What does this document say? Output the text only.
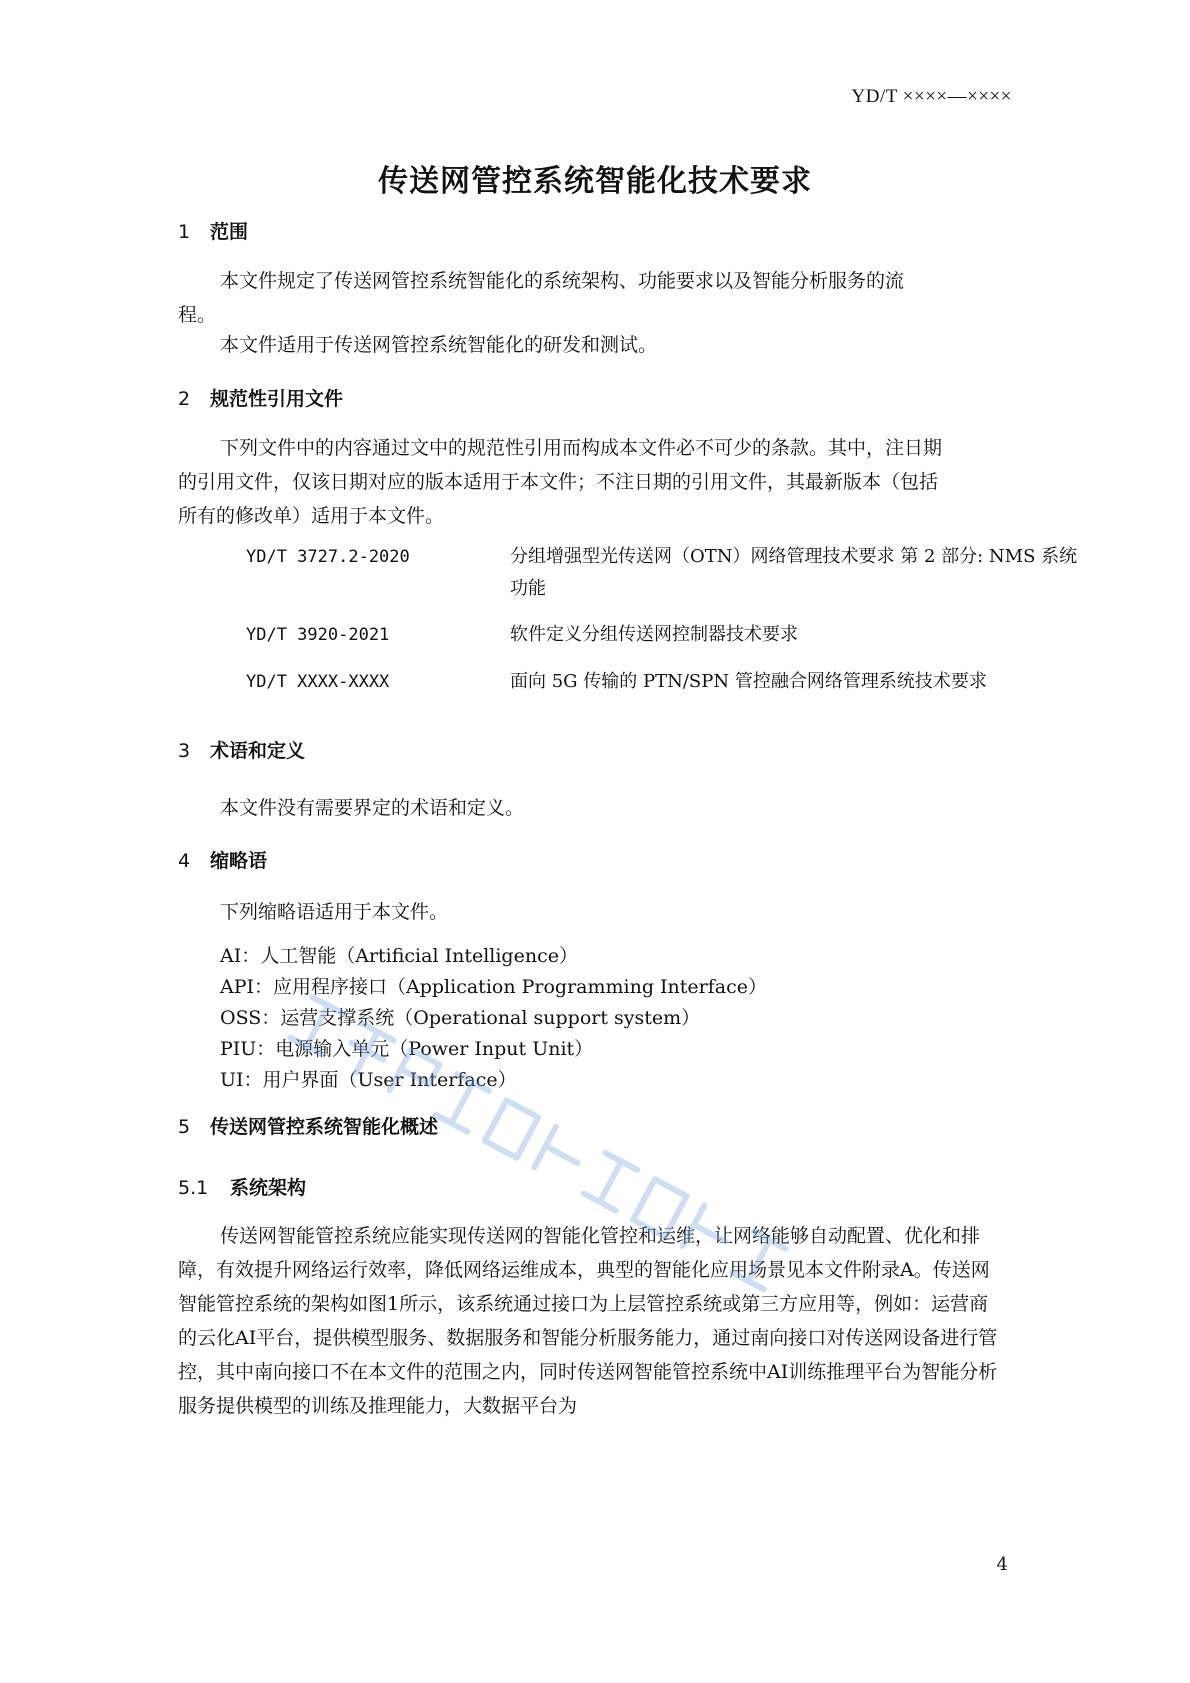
YD/T ××××—××××
传送网管控系统智能化技术要求
1 范围
本文件规定了传送网管控系统智能化的系统架构、功能要求以及智能分析服务的流程。
本文件适用于传送网管控系统智能化的研发和测试。
2 规范性引用文件
下列文件中的内容通过文中的规范性引用而构成本文件必不可少的条款。其中，注日期的引用文件，仅该日期对应的版本适用于本文件；不注日期的引用文件，其最新版本（包括所有的修改单）适用于本文件。
YD/T 3727.2-2020	分组增强型光传送网（OTN）网络管理技术要求 第 2 部分: NMS 系统功能
YD/T 3920-2021	软件定义分组传送网控制器技术要求
YD/T XXXX-XXXX	面向 5G 传输的 PTN/SPN 管控融合网络管理系统技术要求
3 术语和定义
本文件没有需要界定的术语和定义。
4 缩略语
下列缩略语适用于本文件。
AI：人工智能（Artificial Intelligence）
API：应用程序接口（Application Programming Interface）
OSS：运营支撑系统（Operational support system）
PIU：电源输入单元（Power Input Unit）
UI：用户界面（User Interface）
5 传送网管控系统智能化概述
5.1 系统架构
传送网智能管控系统应能实现传送网的智能化管控和运维，让网络能够自动配置、优化和排障，有效提升网络运行效率，降低网络运维成本，典型的智能化应用场景见本文件附录A。传送网智能管控系统的架构如图1所示，该系统通过接口为上层管控系统或第三方应用等，例如：运营商的云化AI平台，提供模型服务、数据服务和智能分析服务能力，通过南向接口对传送网设备进行管控，其中南向接口不在本文件的范围之内，同时传送网智能管控系统中AI训练推理平台为智能分析服务提供模型的训练及推理能力，大数据平台为
4
